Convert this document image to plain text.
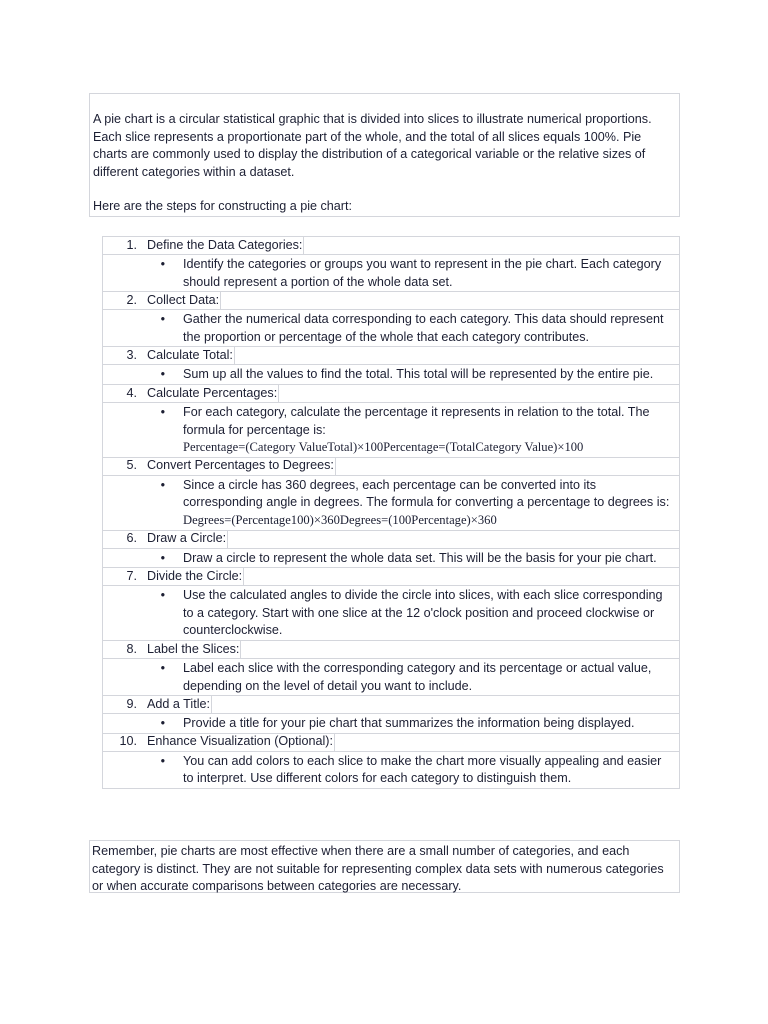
A pie chart is a circular statistical graphic that is divided into slices to illustrate numerical proportions. Each slice represents a proportionate part of the whole, and the total of all slices equals 100%. Pie charts are commonly used to display the distribution of a categorical variable or the relative sizes of different categories within a dataset.

Here are the steps for constructing a pie chart:

1. Define the Data Categories:
•	Identify the categories or groups you want to represent in the pie chart. Each category should represent a portion of the whole data set.
2. Collect Data:
•	Gather the numerical data corresponding to each category. This data should represent the proportion or percentage of the whole that each category contributes.
3. Calculate Total:
•	Sum up all the values to find the total. This total will be represented by the entire pie.
4. Calculate Percentages:
•	For each category, calculate the percentage it represents in relation to the total. The formula for percentage is:
Percentage=(Category ValueTotal)×100Percentage=(TotalCategory Value)×100
5. Convert Percentages to Degrees:
•	Since a circle has 360 degrees, each percentage can be converted into its corresponding angle in degrees. The formula for converting a percentage to degrees is: Degrees=(Percentage100)×360Degrees=(100Percentage)×360
6. Draw a Circle:
•	Draw a circle to represent the whole data set. This will be the basis for your pie chart.
7. Divide the Circle:
•	Use the calculated angles to divide the circle into slices, with each slice corresponding to a category. Start with one slice at the 12 o'clock position and proceed clockwise or counterclockwise.
8. Label the Slices:
•	Label each slice with the corresponding category and its percentage or actual value, depending on the level of detail you want to include.
9. Add a Title:
•	Provide a title for your pie chart that summarizes the information being displayed.
10. Enhance Visualization (Optional):
•	You can add colors to each slice to make the chart more visually appealing and easier to interpret. Use different colors for each category to distinguish them.

Remember, pie charts are most effective when there are a small number of categories, and each category is distinct. They are not suitable for representing complex data sets with numerous categories or when accurate comparisons between categories are necessary.
